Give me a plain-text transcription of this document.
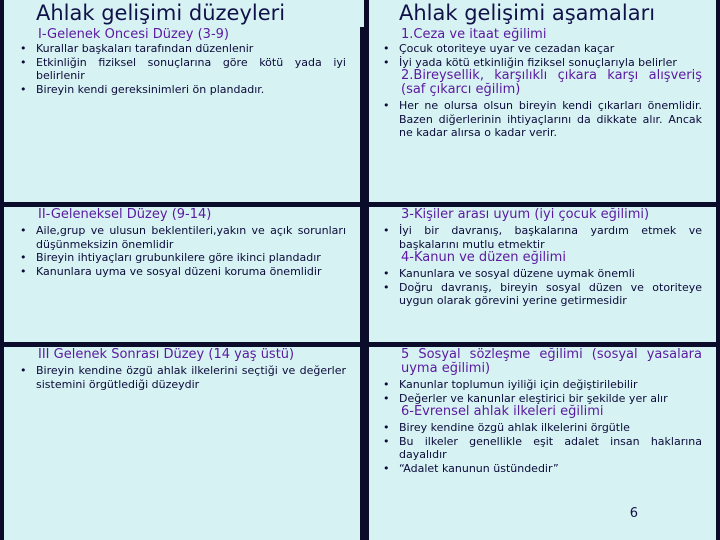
Ahlak gelişimi düzeyleri	Ahlak gelişimi aşamaları
I-Gelenek Öncesi Düzey (3-9)
• Kurallar başkaları tarafından düzenlenir
• Etkinliğin fiziksel sonuçlarına göre kötü yada iyi belirlenir
• Bireyin kendi gereksinimleri ön plandadır.
II-Geleneksel Düzey (9-14)
• Aile,grup ve ulusun beklentileri,yakın ve açık sorunları düşünmeksizin önemlidir
• Bireyin ihtiyaçları grubunkilere göre ikinci plandadır
• Kanunlara uyma ve sosyal düzeni koruma önemlidir
III Gelenek Sonrası Düzey (14 yaş üstü)
• Bireyin kendine özgü ahlak ilkelerini seçtiği ve değerler sistemini örgütlediği düzeydir
1.Ceza ve itaat eğilimi
• Çocuk otoriteye uyar ve cezadan kaçar
• İyi yada kötü etkinliğin fiziksel sonuçlarıyla belirler
2.Bireysellik, karşılıklı çıkara karşı alışveriş (saf çıkarcı eğilim)
• Her ne olursa olsun bireyin kendi çıkarları önemlidir. Bazen diğerlerinin ihtiyaçlarını da dikkate alır. Ancak ne kadar alırsa o kadar verir.
3-Kişiler arası uyum (iyi çocuk eğilimi)
• İyi bir davranış, başkalarına yardım etmek ve başkalarını mutlu etmektir
4-Kanun ve düzen eğilimi
• Kanunlara ve sosyal düzene uymak önemli
• Doğru davranış, bireyin sosyal düzen ve otoriteye uygun olarak görevini yerine getirmesidir
5 Sosyal sözleşme eğilimi (sosyal yasalara uyma eğilimi)
• Kanunlar toplumun iyiliği için değiştirilebilir
• Değerler ve kanunlar eleştirici bir şekilde yer alır
6-Evrensel ahlak ilkeleri eğilimi
• Birey kendine özgü ahlak ilkelerini örgütle
• Bu ilkeler genellikle eşit adalet insan haklarına dayalıdır
• “Adalet kanunun üstündedir”
6
